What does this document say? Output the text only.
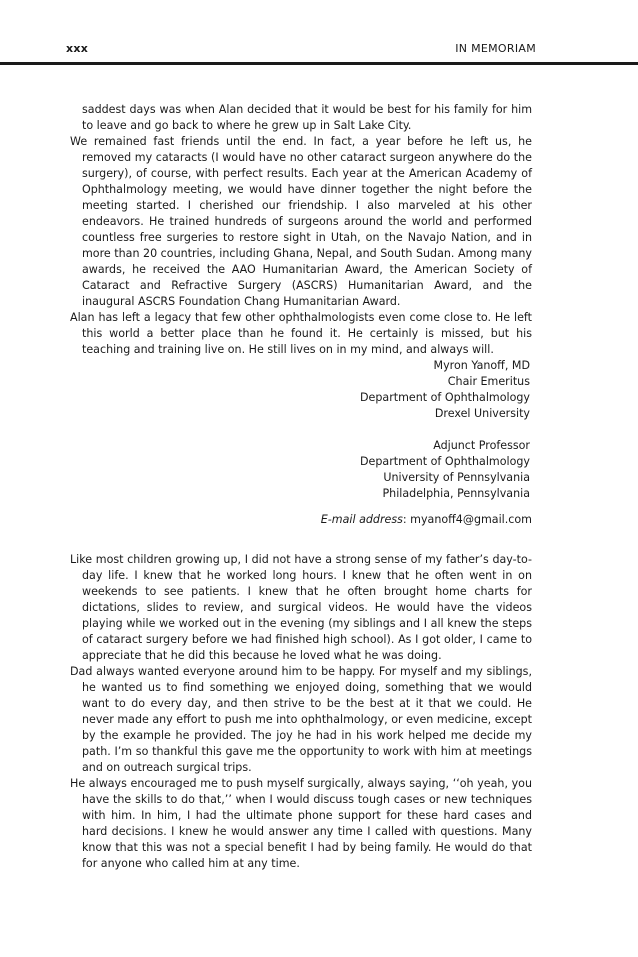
xxx	IN MEMORIAM

saddest days was when Alan decided that it would be best for his family for him to leave and go back to where he grew up in Salt Lake City.

We remained fast friends until the end. In fact, a year before he left us, he removed my cataracts (I would have no other cataract surgeon anywhere do the surgery), of course, with perfect results. Each year at the American Academy of Ophthalmology meeting, we would have dinner together the night before the meeting started. I cherished our friendship. I also marveled at his other endeavors. He trained hundreds of surgeons around the world and performed countless free surgeries to restore sight in Utah, on the Navajo Nation, and in more than 20 countries, including Ghana, Nepal, and South Sudan. Among many awards, he received the AAO Humanitarian Award, the American Society of Cataract and Refractive Surgery (ASCRS) Humanitarian Award, and the inaugural ASCRS Foundation Chang Humanitarian Award.

Alan has left a legacy that few other ophthalmologists even come close to. He left this world a better place than he found it. He certainly is missed, but his teaching and training live on. He still lives on in my mind, and always will.

Myron Yanoff, MD

Chair Emeritus

Department of Ophthalmology

Drexel University

Adjunct Professor

Department of Ophthalmology

University of Pennsylvania

Philadelphia, Pennsylvania

E-mail address: myanoff4@gmail.com

Like most children growing up, I did not have a strong sense of my father’s day-to-day life. I knew that he worked long hours. I knew that he often went in on weekends to see patients. I knew that he often brought home charts for dictations, slides to review, and surgical videos. He would have the videos playing while we worked out in the evening (my siblings and I all knew the steps of cataract surgery before we had finished high school). As I got older, I came to appreciate that he did this because he loved what he was doing.

Dad always wanted everyone around him to be happy. For myself and my siblings, he wanted us to find something we enjoyed doing, something that we would want to do every day, and then strive to be the best at it that we could. He never made any effort to push me into ophthalmology, or even medicine, except by the example he provided. The joy he had in his work helped me decide my path. I’m so thankful this gave me the opportunity to work with him at meetings and on outreach surgical trips.

He always encouraged me to push myself surgically, always saying, ‘‘oh yeah, you have the skills to do that,’’ when I would discuss tough cases or new techniques with him. In him, I had the ultimate phone support for these hard cases and hard decisions. I knew he would answer any time I called with questions. Many know that this was not a special benefit I had by being family. He would do that for anyone who called him at any time.
